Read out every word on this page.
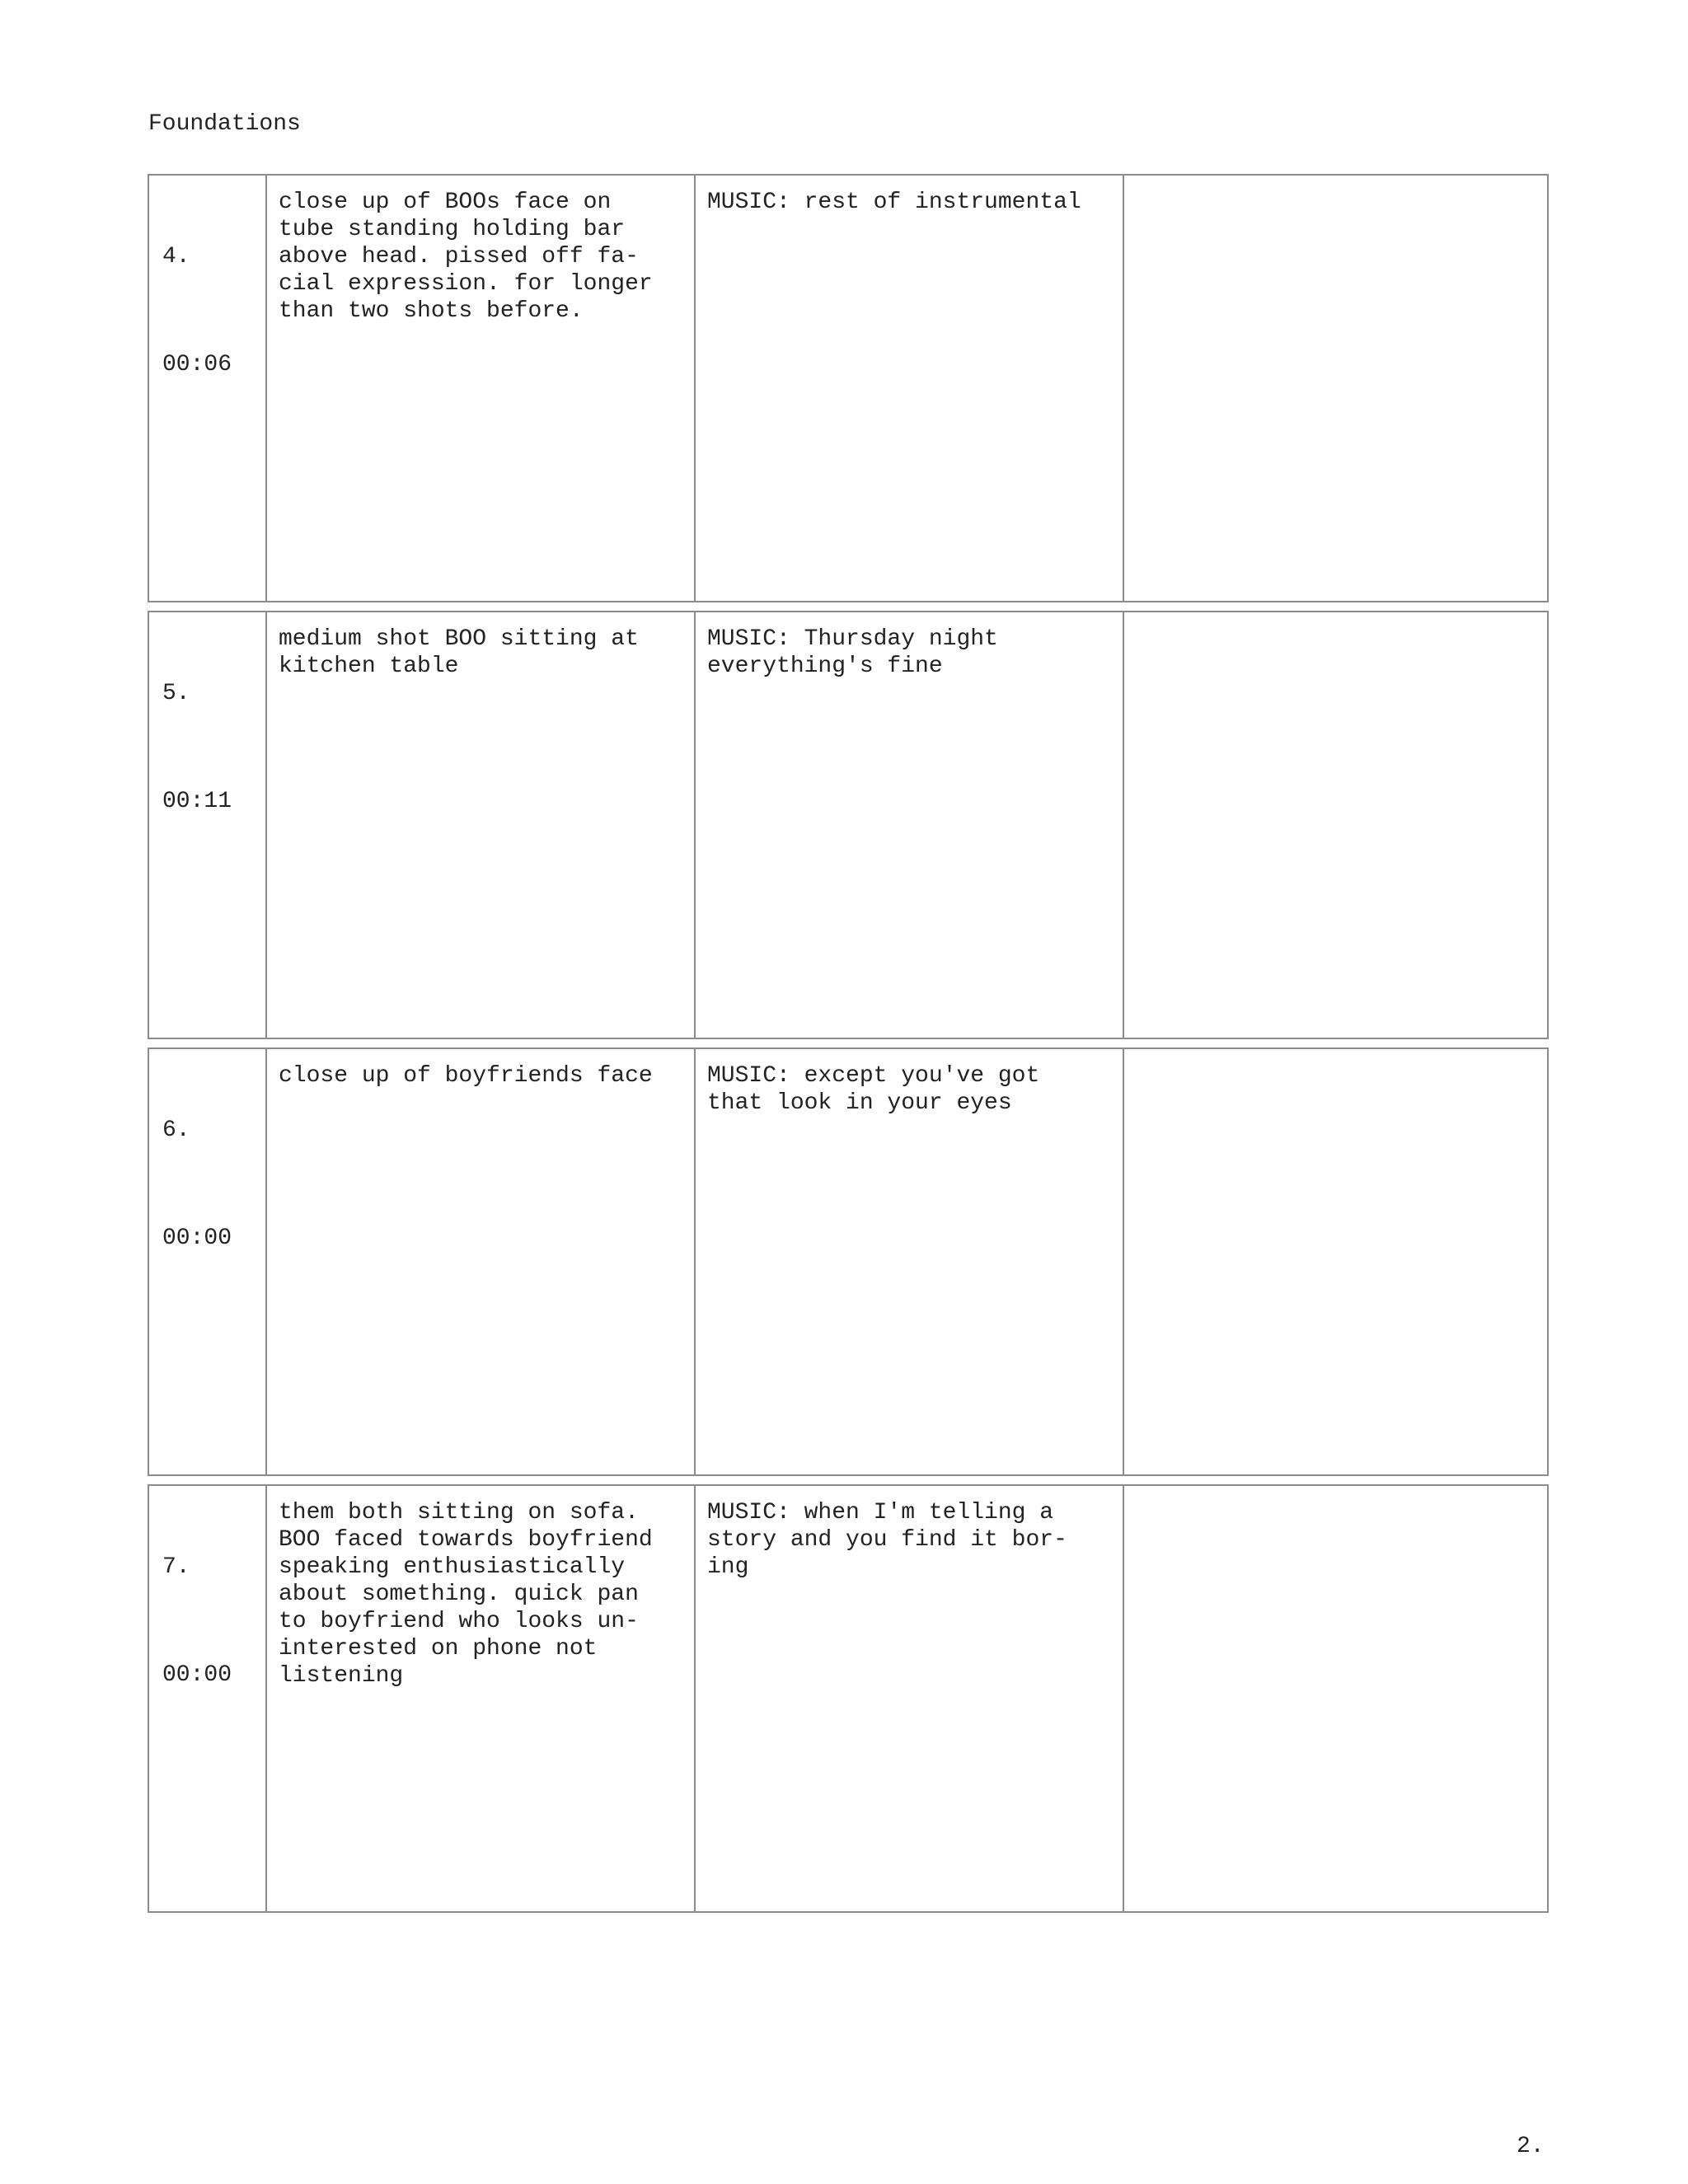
Foundations

4.

00:06

close up of BOOs face on
tube standing holding bar
above head. pissed off fa-
cial expression. for longer
than two shots before.
MUSIC: rest of instrumental

5.

00:11

medium shot BOO sitting at
kitchen table
MUSIC: Thursday night
everything's fine

6.

00:00

close up of boyfriends face	MUSIC: except you've got
that look in your eyes

7.

00:00

them both sitting on sofa.
BOO faced towards boyfriend
speaking enthusiastically
about something. quick pan
to boyfriend who looks un-
interested on phone not
listening
MUSIC: when I'm telling a
story and you find it bor-
ing
2.
